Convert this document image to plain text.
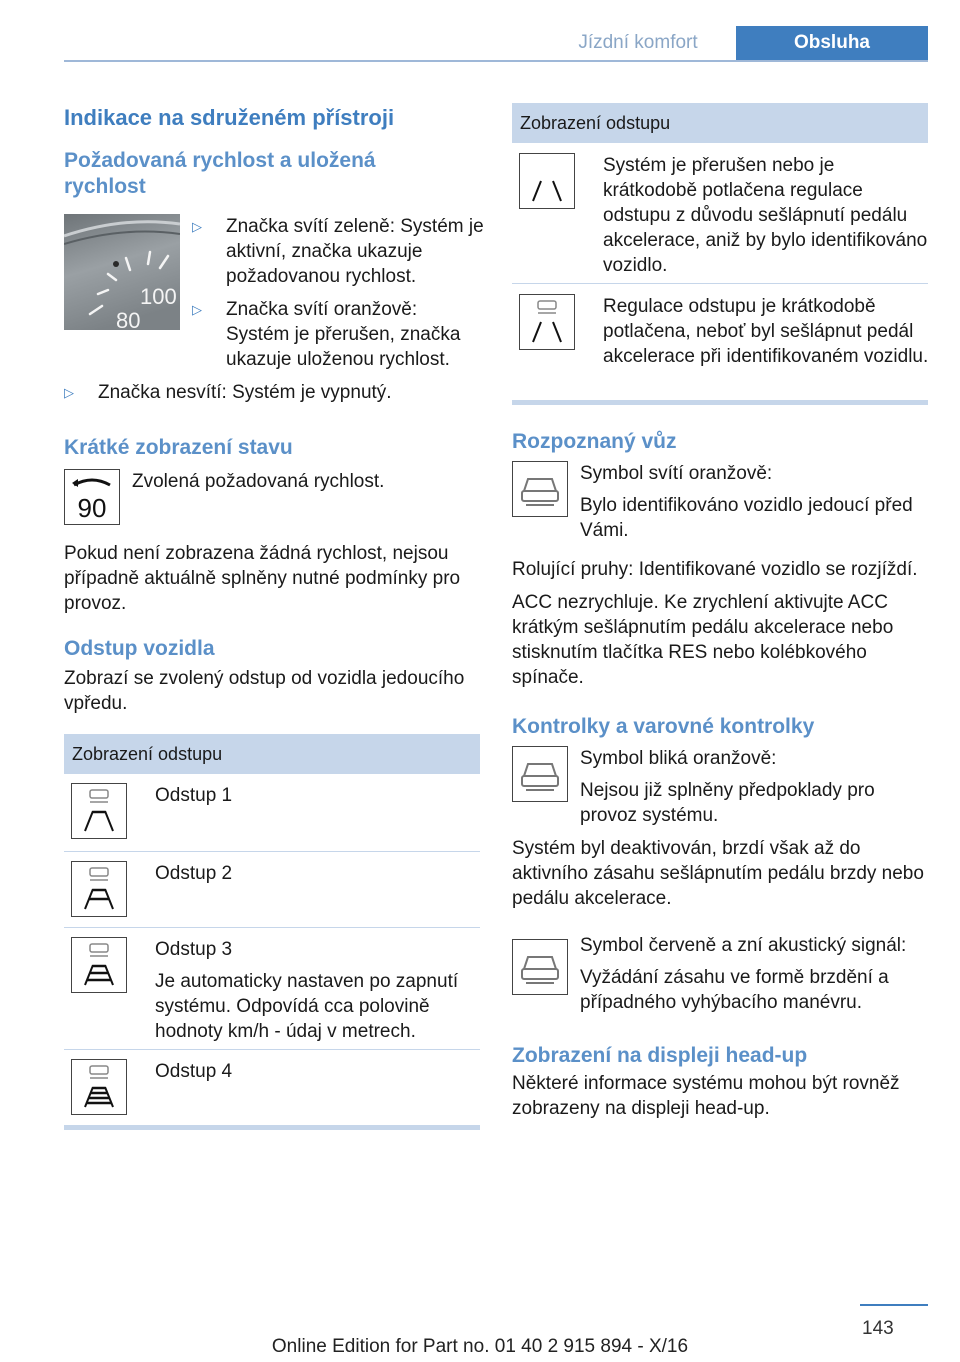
Jízdní komfort	Obsluha
Indikace na sdruženém přístroji
Požadovaná rychlost a uložená rychlost
100
80
▷	Značka svítí zeleně: Systém je aktivní, značka ukazuje požadovanou rychlost.
▷	Značka svítí oranžově: Systém je přerušen, značka ukazuje uloženou rychlost.
▷	Značka nesvítí: Systém je vypnutý.
Krátké zobrazení stavu
90

Zvolená požadovaná rychlost.

Pokud není zobrazena žádná rychlost, nejsou případně aktuálně splněny nutné podmínky pro provoz.

Odstup vozidla

Zobrazí se zvolený odstup od vozidla jedoucího vpředu.

Zobrazení odstupu

Odstup 1

Odstup 2

Odstup 3

Je automaticky nastaven po zapnutí systému. Odpovídá cca polovině hodnoty km/h - údaj v metrech.

Odstup 4

Zobrazení odstupu

Systém je přerušen nebo je krátkodobě potlačena regulace odstupu z důvodu sešlápnutí pedálu akcelerace, aniž by bylo identifikováno vozidlo.

Regulace odstupu je krátkodobě potlačena, neboť byl sešlápnut pedál akcelerace při identifikovaném vozidlu.

Rozpoznaný vůz

Symbol svítí oranžově:

Bylo identifikováno vozidlo jedoucí před Vámi.

Rolující pruhy: Identifikované vozidlo se rozjíždí.

ACC nezrychluje. Ke zrychlení aktivujte ACC krátkým sešlápnutím pedálu akcelerace nebo stisknutím tlačítka RES nebo kolébkového spínače.

Kontrolky a varovné kontrolky

Symbol bliká oranžově:

Nejsou již splněny předpoklady pro provoz systému.

Systém byl deaktivován, brzdí však až do aktivního zásahu sešlápnutím pedálu brzdy nebo pedálu akcelerace.

Symbol červeně a zní akustický signál:

Vyžádání zásahu ve formě brzdění a případného vyhýbacího manévru.

Zobrazení na displeji head-up

Některé informace systému mohou být rovněž zobrazeny na displeji head-up.

143
Online Edition for Part no. 01 40 2 915 894 - X/16
